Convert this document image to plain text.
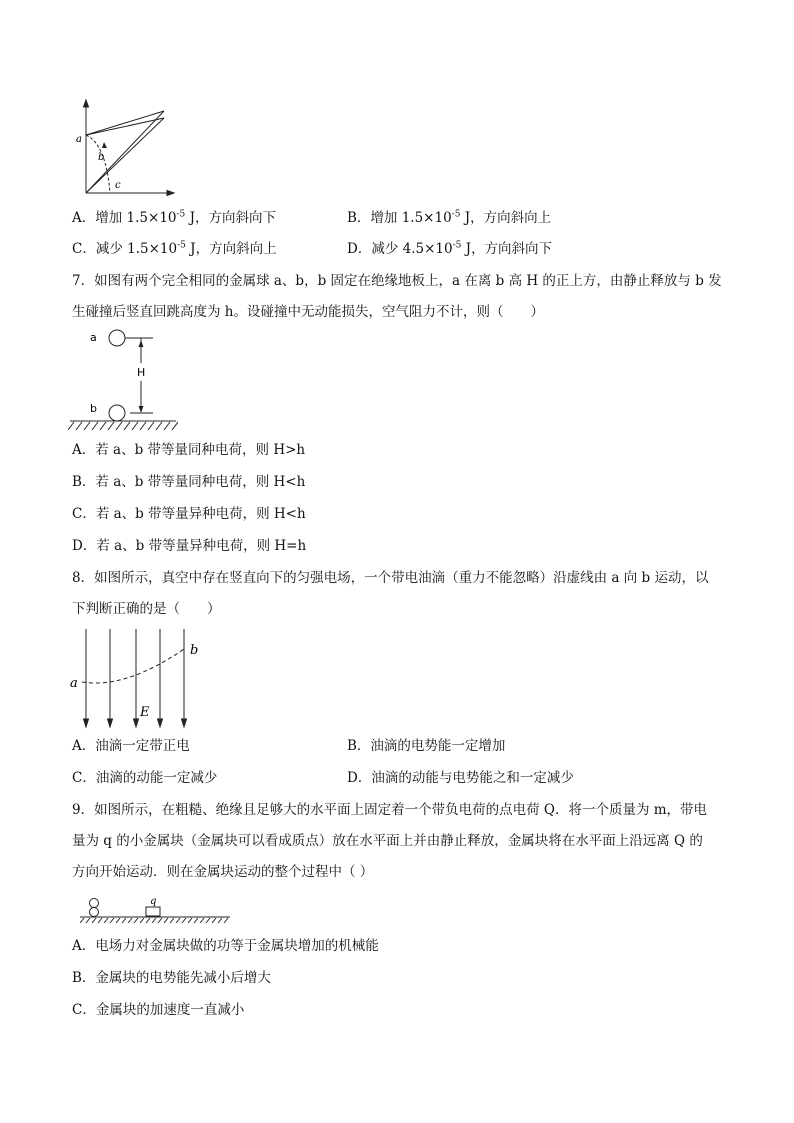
a
b
c
A．增加 $1.5\times 10^{-5}$ J，方向斜向下	B．增加 $1.5\times 10^{-5}$ J，方向斜向上
C．减少 $1.5\times 10^{-5}$ J，方向斜向上	D．减少 $4.5\times 10^{-5}$ J，方向斜向下
7．如图有两个完全相同的金属球 a、b，b 固定在绝缘地板上，a 在离 b 高 H 的正上方，由静止释放与 b 发
生碰撞后竖直回跳高度为 h。设碰撞中无动能损失，空气阻力不计，则（　　）
a
H
b
A．若 a、b 带等量同种电荷，则 H>h
B．若 a、b 带等量同种电荷，则 H<h
C．若 a、b 带等量异种电荷，则 H<h
D．若 a、b 带等量异种电荷，则 H=h
8．如图所示，真空中存在竖直向下的匀强电场，一个带电油滴（重力不能忽略）沿虚线由 a 向 b 运动，以
下判断正确的是（　　）
a
b
E
A．油滴一定带正电	B．油滴的电势能一定增加
C．油滴的动能一定减少	D．油滴的动能与电势能之和一定减少
9．如图所示，在粗糙、绝缘且足够大的水平面上固定着一个带负电荷的点电荷 Q．将一个质量为 m，带电
量为 q 的小金属块（金属块可以看成质点）放在水平面上并由静止释放，金属块将在水平面上沿远离 Q 的
方向开始运动．则在金属块运动的整个过程中（ ）
q
A．电场力对金属块做的功等于金属块增加的机械能
B．金属块的电势能先减小后增大
C．金属块的加速度一直减小
